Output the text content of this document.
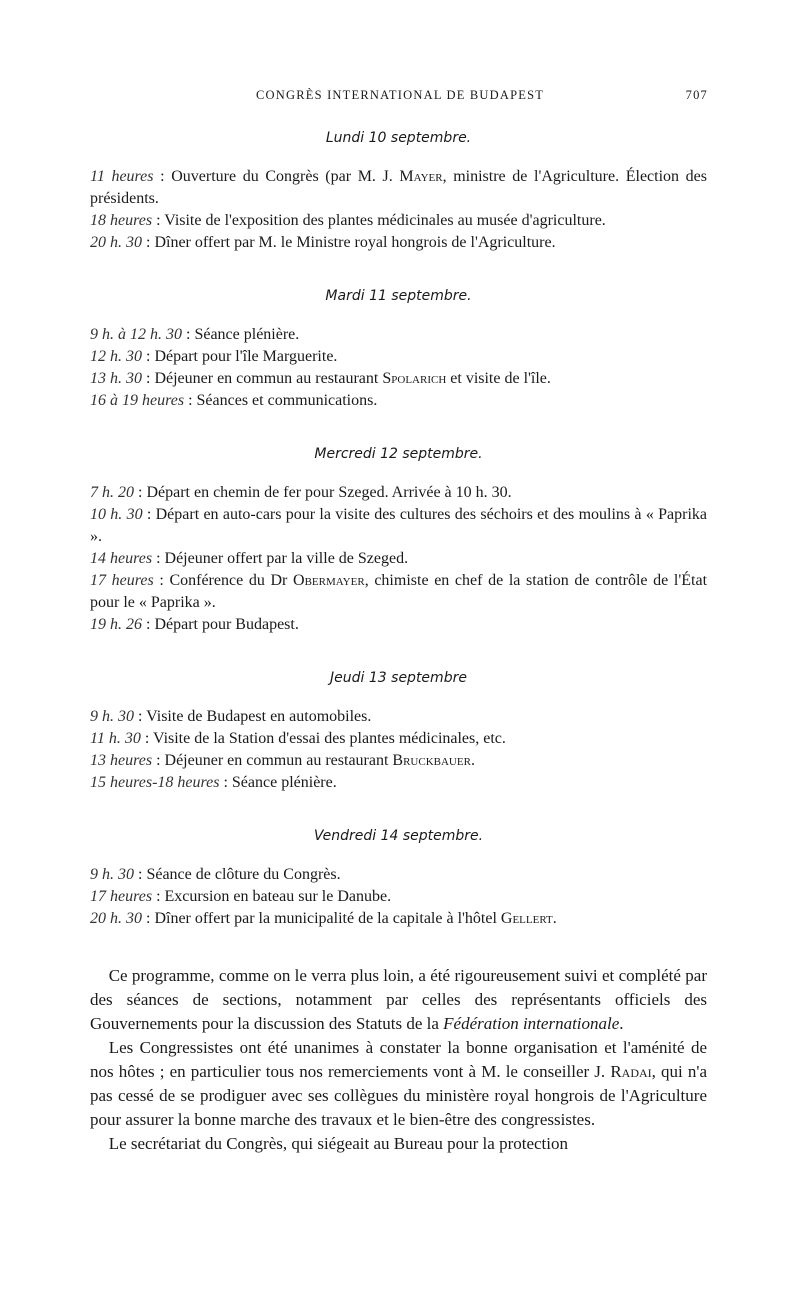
CONGRÈS INTERNATIONAL DE BUDAPEST	707
Lundi 10 septembre.

11 heures : Ouverture du Congrès (par M. J. Mayer, ministre de l'Agriculture. Élection des présidents.

18 heures : Visite de l'exposition des plantes médicinales au musée d'agriculture.

20 h. 30 : Dîner offert par M. le Ministre royal hongrois de l'Agriculture.

Mardi 11 septembre.

9 h. à 12 h. 30 : Séance plénière.

12 h. 30 : Départ pour l'île Marguerite.

13 h. 30 : Déjeuner en commun au restaurant Spolarich et visite de l'île.

16 à 19 heures : Séances et communications.

Mercredi 12 septembre.

7 h. 20 : Départ en chemin de fer pour Szeged. Arrivée à 10 h. 30.

10 h. 30 : Départ en auto-cars pour la visite des cultures des séchoirs et des moulins à « Paprika ».

14 heures : Déjeuner offert par la ville de Szeged.

17 heures : Conférence du Dr Obermayer, chimiste en chef de la station de contrôle de l'État pour le « Paprika ».

19 h. 26 : Départ pour Budapest.

Jeudi 13 septembre

9 h. 30 : Visite de Budapest en automobiles.

11 h. 30 : Visite de la Station d'essai des plantes médicinales, etc.

13 heures : Déjeuner en commun au restaurant Bruckbauer.

15 heures-18 heures : Séance plénière.

Vendredi 14 septembre.

9 h. 30 : Séance de clôture du Congrès.

17 heures : Excursion en bateau sur le Danube.

20 h. 30 : Dîner offert par la municipalité de la capitale à l'hôtel Gellert.

Ce programme, comme on le verra plus loin, a été rigoureusement suivi et complété par des séances de sections, notamment par celles des représentants officiels des Gouvernements pour la discussion des Statuts de la Fédération internationale.

Les Congressistes ont été unanimes à constater la bonne organisation et l'aménité de nos hôtes ; en particulier tous nos remerciements vont à M. le conseiller J. Radai, qui n'a pas cessé de se prodiguer avec ses collègues du ministère royal hongrois de l'Agriculture pour assurer la bonne marche des travaux et le bien-être des congressistes.

Le secrétariat du Congrès, qui siégeait au Bureau pour la protection
